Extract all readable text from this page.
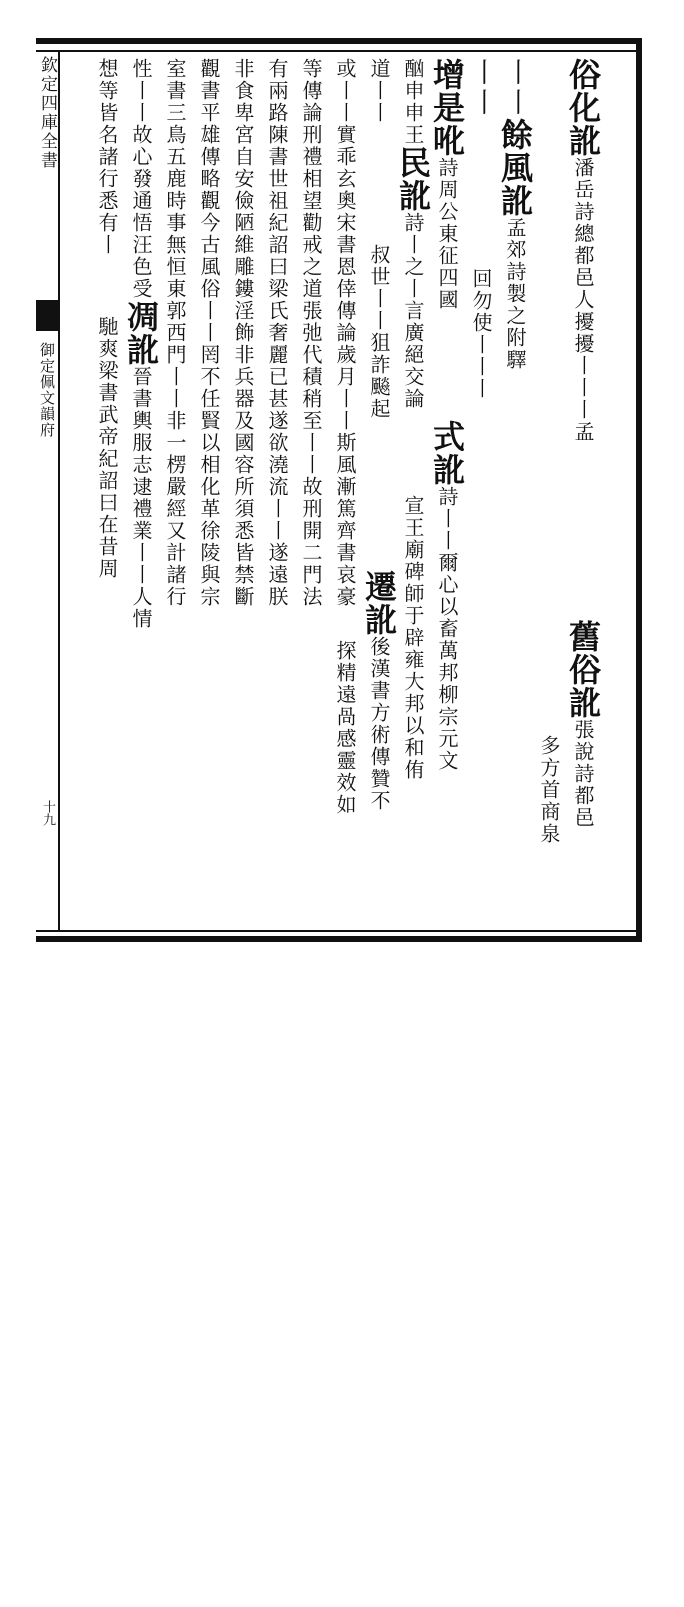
欽定四庫全書
御定佩文韻府
十九
俗化訛潘岳詩總都邑人擾擾丨丨丨孟
舊俗訛張說詩都邑
多方首商泉
丨丨餘風訛孟郊詩製之附驛
丨丨回勿使丨丨丨
增是吪詩周公東征四國
式訛詩丨丨爾心以畜萬邦柳宗元文
宣王廟碑師于辟雍大邦以和侑
酗申申王民訛詩丨之丨言廣絕交論
道丨丨叔世丨丨狙詐飈起
遷訛後漢書方術傳贊不
探精遠咼感靈效如
或丨丨實乖玄奧宋書恩倖傳論歲月丨丨斯風漸篤齊書哀豪
等傳論刑禮相望勸戒之道張弛代積稍至丨丨故刑開二門法
有兩路陳書世祖紀詔曰梁氏奢麗已甚遂欲澆流丨丨遂遠朕
非食卑宮自安儉陋維雕鏤淫飾非兵器及國容所須悉皆禁斷
觀書平雄傳略觀今古風俗丨丨罔不任賢以相化革徐陵與宗
室書三鳥五鹿時事無恒東郭西門丨丨非一楞嚴經又計諸行
性丨丨故心發通悟汪色受凋訛晉書輿服志逮禮業丨丨人情
想等皆名諸行悉有丨馳爽梁書武帝紀詔曰在昔周
